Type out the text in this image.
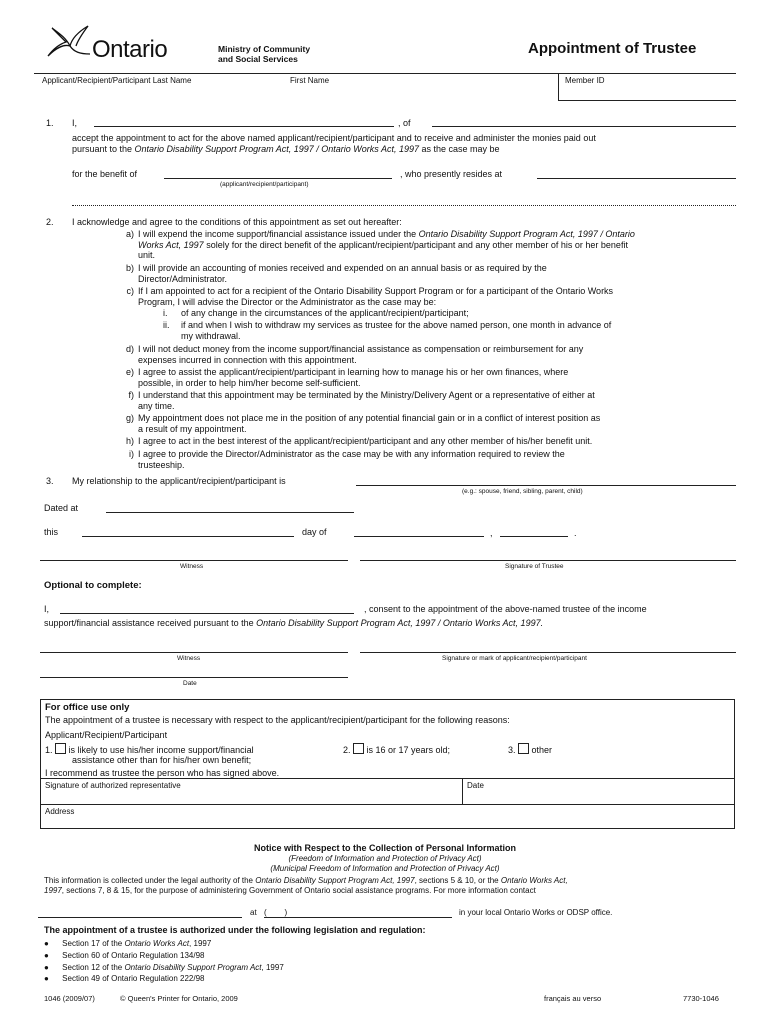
Ontario	Ministry of Community
and Social Services
Appointment of Trustee
Applicant/Recipient/Participant Last Name	First Name	Member ID
1. I,	, of
accept the appointment to act for the above named applicant/recipient/participant and to receive and administer the monies paid out
pursuant to the Ontario Disability Support Program Act, 1997 / Ontario Works Act, 1997 as the case may be
for the benefit of
(applicant/recipient/participant)
, who presently resides at
2. I acknowledge and agree to the conditions of this appointment as set out hereafter:
a) I will expend the income support/financial assistance issued under the Ontario Disability Support Program Act, 1997 / Ontario
Works Act, 1997 solely for the direct benefit of the applicant/recipient/participant and any other member of his or her benefit
unit.
b) I will provide an accounting of monies received and expended on an annual basis or as required by the
Director/Administrator.
c) If I am appointed to act for a recipient of the Ontario Disability Support Program or for a participant of the Ontario Works
Program, I will advise the Director or the Administrator as the case may be:
i. of any change in the circumstances of the applicant/recipient/participant;
ii. if and when I wish to withdraw my services as trustee for the above named person, one month in advance of
my withdrawal.
d) I will not deduct money from the income support/financial assistance as compensation or reimbursement for any
expenses incurred in connection with this appointment.
e) I agree to assist the applicant/recipient/participant in learning how to manage his or her own finances, where
possible, in order to help him/her become self-sufficient.
f) I understand that this appointment may be terminated by the Ministry/Delivery Agent or a representative of either at
any time.
g) My appointment does not place me in the position of any potential financial gain or in a conflict of interest position as
a result of my appointment.
h) I agree to act in the best interest of the applicant/recipient/participant and any other member of his/her benefit unit.
i) I agree to provide the Director/Administrator as the case may be with any information required to review the
trusteeship.
3. My relationship to the applicant/recipient/participant is
(e.g.: spouse, friend, sibling, parent, child)
Dated at
this	day of	,	.
Witness	Signature of Trustee
Optional to complete:
I,	, consent to the appointment of the above-named trustee of the income
support/financial assistance received pursuant to the Ontario Disability Support Program Act, 1997 / Ontario Works Act, 1997.
Witness	Signature or mark of applicant/recipient/participant
Date
For office use only
The appointment of a trustee is necessary with respect to the applicant/recipient/participant for the following reasons:
Applicant/Recipient/Participant
1. is likely to use his/her income support/financial
assistance other than for his/her own benefit;
2. is 16 or 17 years old;	3. other
I recommend as trustee the person who has signed above.
Signature of authorized representative	Date
Address
Notice with Respect to the Collection of Personal Information
(Freedom of Information and Protection of Privacy Act)
(Municipal Freedom of Information and Protection of Privacy Act)
This information is collected under the legal authority of the Ontario Disability Support Program Act, 1997, sections 5 & 10, or the Ontario Works Act,
1997, sections 7, 8 & 15, for the purpose of administering Government of Ontario social assistance programs. For more information contact
at (        )	in your local Ontario Works or ODSP office.
The appointment of a trustee is authorized under the following legislation and regulation:
●      Section 17 of the Ontario Works Act, 1997
●      Section 60 of Ontario Regulation 134/98
●      Section 12 of the Ontario Disability Support Program Act, 1997
●      Section 49 of Ontario Regulation 222/98
1046 (2009/07)	© Queen's Printer for Ontario, 2009	français au verso	7730-1046
